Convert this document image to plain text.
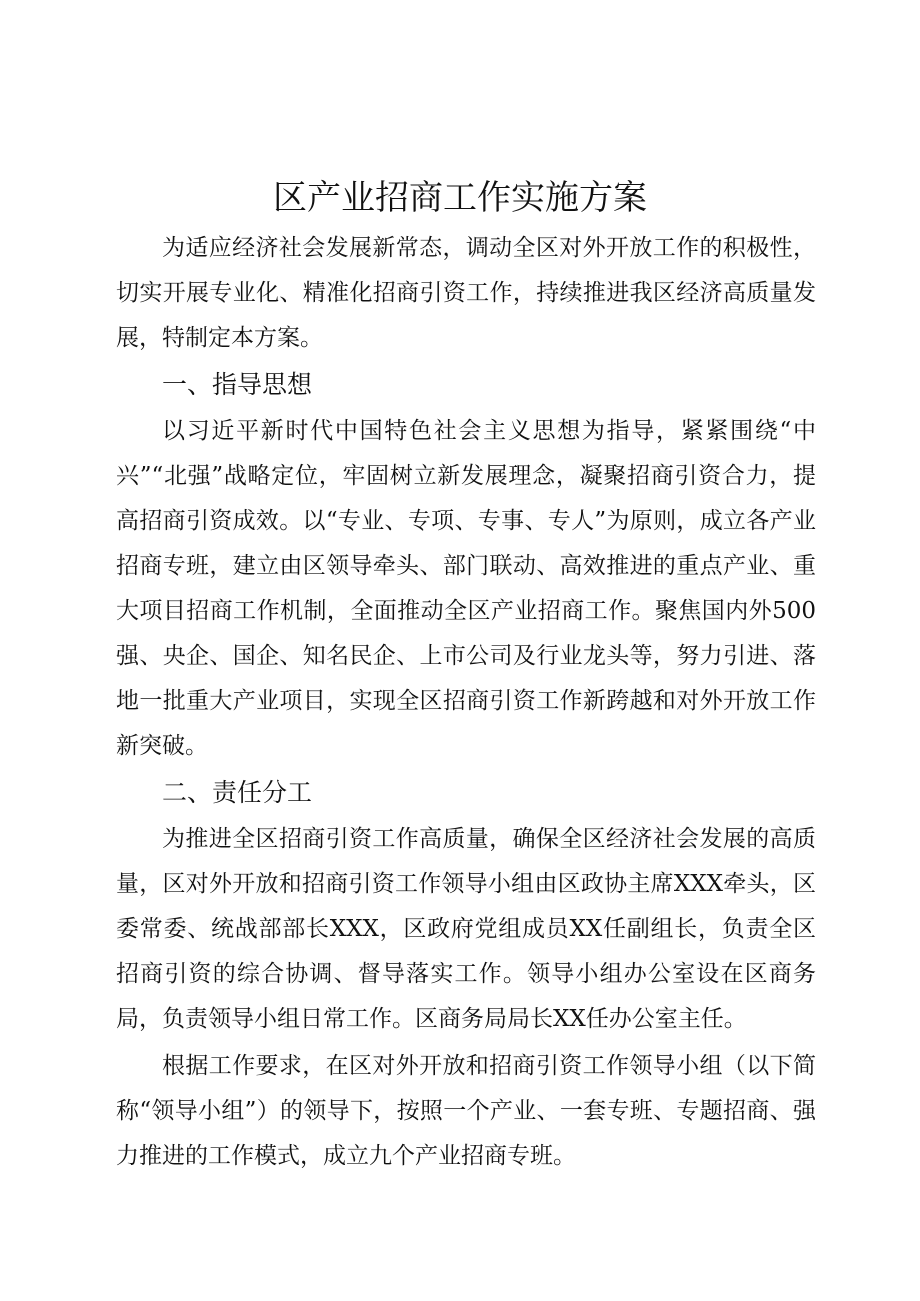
区产业招商工作实施方案

为适应经济社会发展新常态，调动全区对外开放工作的积极性，切实开展专业化、精准化招商引资工作，持续推进我区经济高质量发展，特制定本方案。

一、指导思想

以习近平新时代中国特色社会主义思想为指导，紧紧围绕“中兴”“北强”战略定位，牢固树立新发展理念，凝聚招商引资合力，提高招商引资成效。以“专业、专项、专事、专人”为原则，成立各产业招商专班，建立由区领导牵头、部门联动、高效推进的重点产业、重大项目招商工作机制，全面推动全区产业招商工作。聚焦国内外500强、央企、国企、知名民企、上市公司及行业龙头等，努力引进、落地一批重大产业项目，实现全区招商引资工作新跨越和对外开放工作新突破。

二、责任分工

为推进全区招商引资工作高质量，确保全区经济社会发展的高质量，区对外开放和招商引资工作领导小组由区政协主席XXX牵头，区委常委、统战部部长XXX，区政府党组成员XX任副组长，负责全区招商引资的综合协调、督导落实工作。领导小组办公室设在区商务局，负责领导小组日常工作。区商务局局长XX任办公室主任。

根据工作要求，在区对外开放和招商引资工作领导小组（以下简称“领导小组”）的领导下，按照一个产业、一套专班、专题招商、强力推进的工作模式，成立九个产业招商专班。
